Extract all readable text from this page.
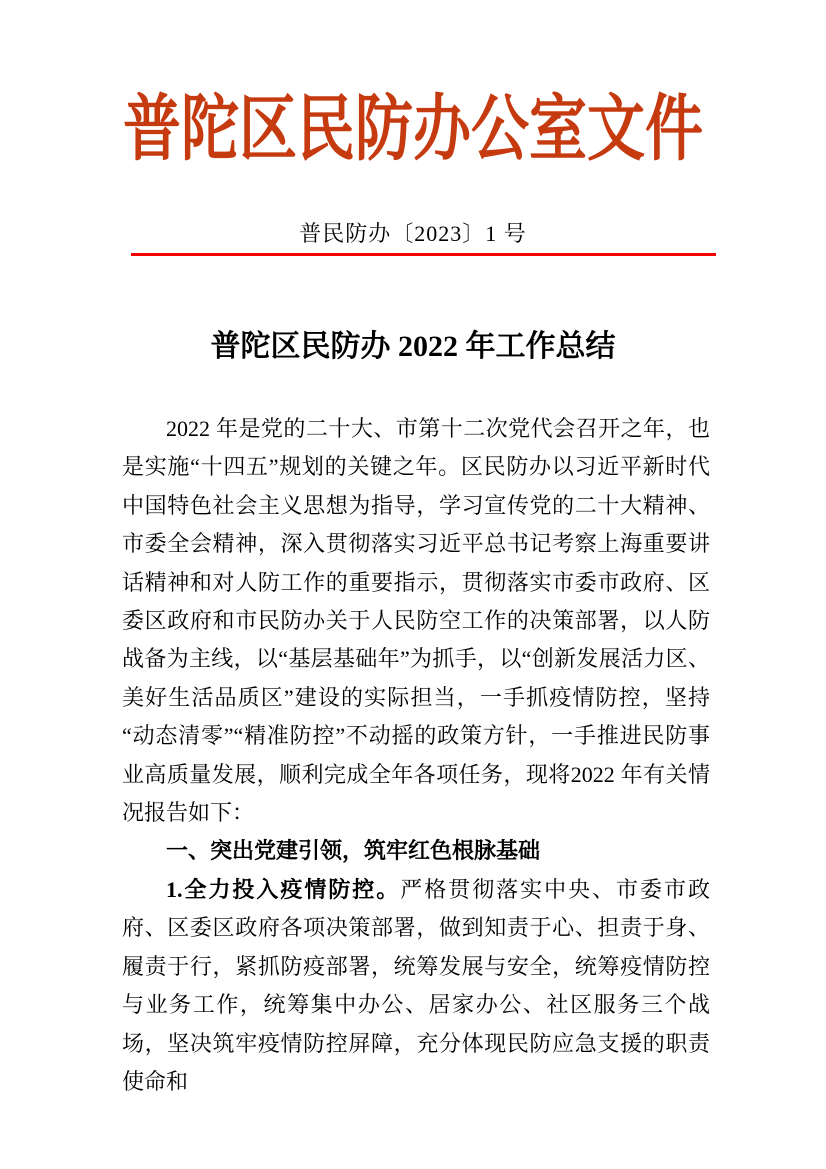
普陀区民防办公室文件
普民防办〔2023〕1 号
普陀区民防办 2022 年工作总结

2022 年是党的二十大、市第十二次党代会召开之年，也是实施“十四五”规划的关键之年。区民防办以习近平新时代中国特色社会主义思想为指导，学习宣传党的二十大精神、市委全会精神，深入贯彻落实习近平总书记考察上海重要讲话精神和对人防工作的重要指示，贯彻落实市委市政府、区委区政府和市民防办关于人民防空工作的决策部署，以人防战备为主线，以“基层基础年”为抓手，以“创新发展活力区、美好生活品质区”建设的实际担当，一手抓疫情防控，坚持“动态清零”“精准防控”不动摇的政策方针，一手推进民防事业高质量发展，顺利完成全年各项任务，现将2022 年有关情况报告如下：

一、突出党建引领，筑牢红色根脉基础

1.全力投入疫情防控。严格贯彻落实中央、市委市政府、区委区政府各项决策部署，做到知责于心、担责于身、履责于行，紧抓防疫部署，统筹发展与安全，统筹疫情防控与业务工作，统筹集中办公、居家办公、社区服务三个战场，坚决筑牢疫情防控屏障，充分体现民防应急支援的职责使命和
